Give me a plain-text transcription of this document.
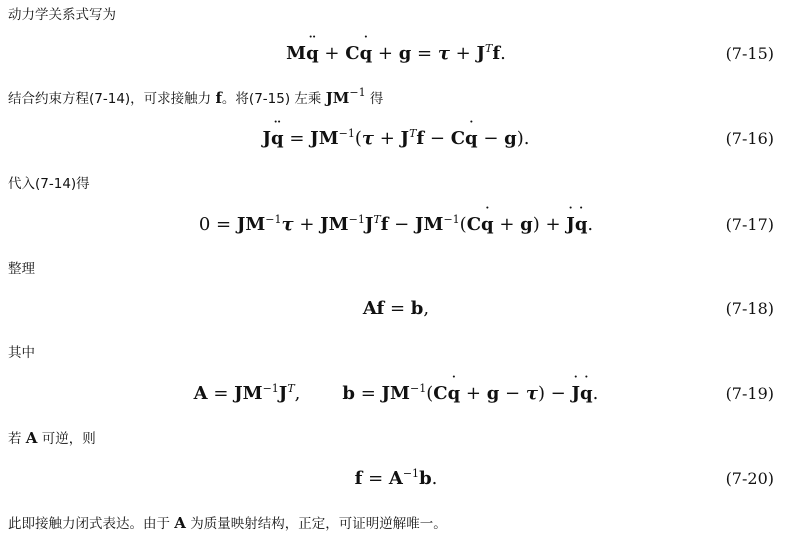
动力学关系式写为
M¨ q + C˙ $q + g = \tau + J^Tf$.	(7-15)
结合约束方程(7-14)，可求接触力 f。将(7-15) 左乘 $JM^{-1}$ 得
J¨ $q = JM^{-1}(\tau + J^Tf$ − C˙ q − g).	(7-16)
代入(7-14)得
$0 = JM^{-1}\tau + JM^{-1}J^Tf$ − $JM^{-1}(C˙$ q + g) + ˙ J˙ q.	(7-17)
整理
Af = b,	(7-18)
其中
$A = JM^{-1}J^T$, $b = JM^{-1}(C˙$ q + g − τ) − ˙ J˙ q.	(7-19)
若 A 可逆，则
$f = A^{-1}b$.	(7-20)
此即接触力闭式表达。由于 A 为质量映射结构，正定，可证明逆解唯一。
